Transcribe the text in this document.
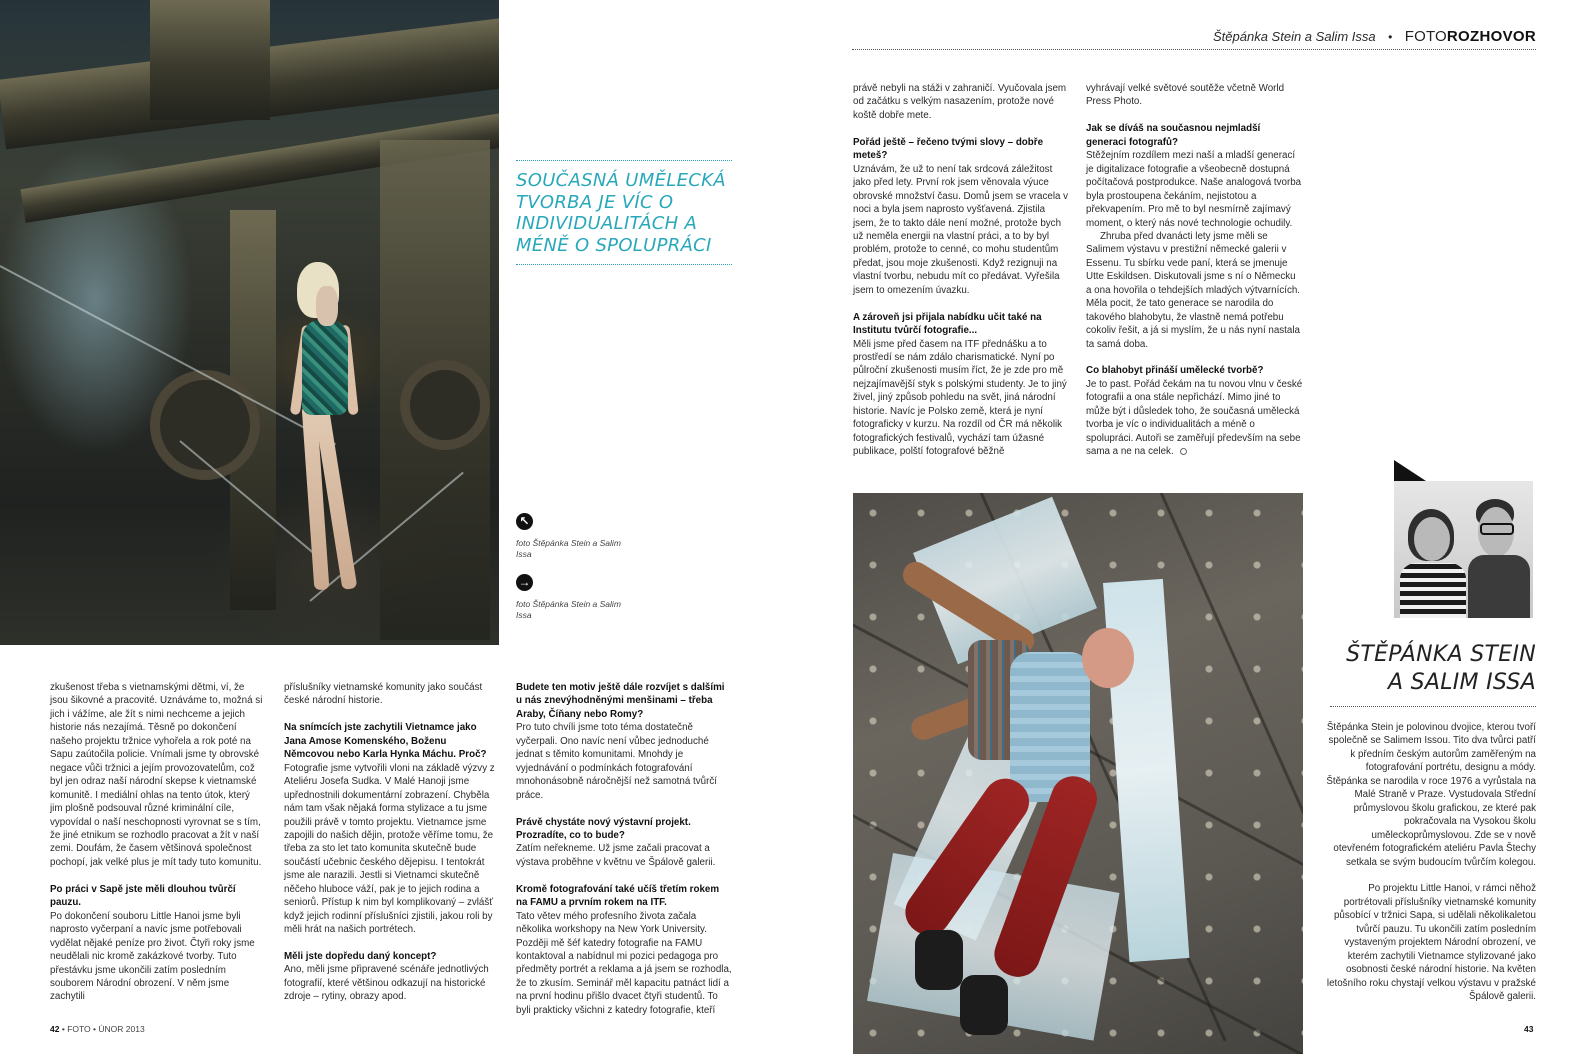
Štěpánka Stein a Salim Issa • FOTOROZHOVOR
SOUČASNÁ UMĚLECKÁ TVORBA JE VÍC O INDIVIDUALITÁCH A MÉNĚ O SPOLUPRÁCI
↖
foto Štěpánka Stein a Salim Issa
→
foto Štěpánka Stein a Salim Issa

zkušenost třeba s vietnamskými dětmi, ví, že jsou šikovné a pracovité. Uznáváme to, možná si jich i vážíme, ale žít s nimi nechceme a jejich historie nás nezajímá. Těsně po dokončení našeho projektu tržnice vyhořela a rok poté na Sapu zaútočila policie. Vnímali jsme ty obrovské negace vůči tržnici a jejím provozovatelům, což byl jen odraz naší národní skepse k vietnamské komunitě. I mediální ohlas na tento útok, který jim plošně podsouval různé kriminální cíle, vypovídal o naší neschopnosti vyrovnat se s tím, že jiné etnikum se rozhodlo pracovat a žít v naší zemi. Doufám, že časem většinová společnost pochopí, jak velké plus je mít tady tuto komunitu.

Po práci v Sapě jste měli dlouhou tvůrčí pauzu.

Po dokončení souboru Little Hanoi jsme byli naprosto vyčerpaní a navíc jsme potřebovali vydělat nějaké peníze pro život. Čtyři roky jsme neudělali nic kromě zakázkové tvorby. Tuto přestávku jsme ukončili zatím posledním souborem Národní obrození. V něm jsme zachytili

příslušníky vietnamské komunity jako součást české národní historie.

Na snímcích jste zachytili Vietnamce jako Jana Amose Komenského, Boženu Němcovou nebo Karla Hynka Máchu. Proč?

Fotografie jsme vytvořili vloni na základě výzvy z Ateliéru Josefa Sudka. V Malé Hanoji jsme upřednostnili dokumentární zobrazení. Chyběla nám tam však nějaká forma stylizace a tu jsme použili právě v tomto projektu. Vietnamce jsme zapojili do našich dějin, protože věříme tomu, že třeba za sto let tato komunita skutečně bude součástí učebnic českého dějepisu. I tentokrát jsme ale narazili. Jestli si Vietnamci skutečně něčeho hluboce váží, pak je to jejich rodina a seniorů. Přístup k nim byl komplikovaný – zvlášť když jejich rodinní příslušníci zjistili, jakou roli by měli hrát na našich portrétech.

Měli jste dopředu daný koncept?

Ano, měli jsme připravené scénáře jednotlivých fotografií, které většinou odkazují na historické zdroje – rytiny, obrazy apod.

Budete ten motiv ještě dále rozvíjet s dalšími u nás znevýhodněnými menšinami – třeba Araby, Číňany nebo Romy?

Pro tuto chvíli jsme toto téma dostatečně vyčerpali. Ono navíc není vůbec jednoduché jednat s těmito komunitami. Mnohdy je vyjednávání o podmínkách fotografování mnohonásobně náročnější než samotná tvůrčí práce.

Právě chystáte nový výstavní projekt. Prozradíte, co to bude?

Zatím neřekneme. Už jsme začali pracovat a výstava proběhne v květnu ve Špálově galerii.

Kromě fotografování také učíš třetím rokem na FAMU a prvním rokem na ITF.

Tato větev mého profesního života začala několika workshopy na New York University. Později mě šéf katedry fotografie na FAMU kontaktoval a nabídnul mi pozici pedagoga pro předměty portrét a reklama a já jsem se rozhodla, že to zkusím. Seminář měl kapacitu patnáct lidí a na první hodinu přišlo dvacet čtyři studentů. To byli prakticky všichni z katedry fotografie, kteří

právě nebyli na stáži v zahraničí. Vyučovala jsem od začátku s velkým nasazením, protože nové koště dobře mete.

Pořád ještě – řečeno tvými slovy – dobře meteš?

Uznávám, že už to není tak srdcová záležitost jako před lety. První rok jsem věnovala výuce obrovské množství času. Domů jsem se vracela v noci a byla jsem naprosto vyšťavená. Zjistila jsem, že to takto dále není možné, protože bych už neměla energii na vlastní práci, a to by byl problém, protože to cenné, co mohu studentům předat, jsou moje zkušenosti. Když rezignuji na vlastní tvorbu, nebudu mít co předávat. Vyřešila jsem to omezením úvazku.

A zároveň jsi přijala nabídku učit také na Institutu tvůrčí fotografie...

Měli jsme před časem na ITF přednášku a to prostředí se nám zdálo charismatické. Nyní po půlroční zkušenosti musím říct, že je zde pro mě nejzajímavější styk s polskými studenty. Je to jiný živel, jiný způsob pohledu na svět, jiná národní historie. Navíc je Polsko země, která je nyní fotograficky v kurzu. Na rozdíl od ČR má několik fotografických festivalů, vychází tam úžasné publikace, polští fotografové běžně

vyhrávají velké světové soutěže včetně World Press Photo.

Jak se díváš na současnou nejmladší generaci fotografů?

Stěžejním rozdílem mezi naší a mladší generací je digitalizace fotografie a všeobecně dostupná počítačová postprodukce. Naše analogová tvorba byla prostoupena čekáním, nejistotou a překvapením. Pro mě to byl nesmírně zajímavý moment, o který nás nové technologie ochudily.

Zhruba před dvanácti lety jsme měli se Salimem výstavu v prestižní německé galerii v Essenu. Tu sbírku vede paní, která se jmenuje Utte Eskildsen. Diskutovali jsme s ní o Německu a ona hovořila o tehdejších mladých výtvarnících. Měla pocit, že tato generace se narodila do takového blahobytu, že vlastně nemá potřebu cokoliv řešit, a já si myslím, že u nás nyní nastala ta samá doba.

Co blahobyt přináší umělecké tvorbě?

Je to past. Pořád čekám na tu novou vlnu v české fotografii a ona stále nepřichází. Mimo jiné to může být i důsledek toho, že současná umělecká tvorba je víc o individualitách a méně o spolupráci. Autoři se zaměřují především na sebe sama a ne na celek.

ŠTĚPÁNKA STEIN
A SALIM ISSA

Štěpánka Stein je polovinou dvojice, kterou tvoří společně se Salimem Issou. Tito dva tvůrci patří k předním českým autorům zaměřeným na fotografování portrétu, designu a módy. Štěpánka se narodila v roce 1976 a vyrůstala na Malé Straně v Praze. Vystudovala Střední průmyslovou školu grafickou, ze které pak pokračovala na Vysokou školu uměleckoprůmyslovou. Zde se v nově otevřeném fotografickém ateliéru Pavla Štechy setkala se svým budoucím tvůrčím kolegou.

Po projektu Little Hanoi, v rámci něhož portrétovali příslušníky vietnamské komunity působící v tržnici Sapa, si udělali několikaletou tvůrčí pauzu. Tu ukončili zatím posledním vystaveným projektem Národní obrození, ve kterém zachytili Vietnamce stylizované jako osobnosti české národní historie. Na květen letošního roku chystají velkou výstavu v pražské Špálově galerii.

42 • FOTO • ÚNOR 2013	43
